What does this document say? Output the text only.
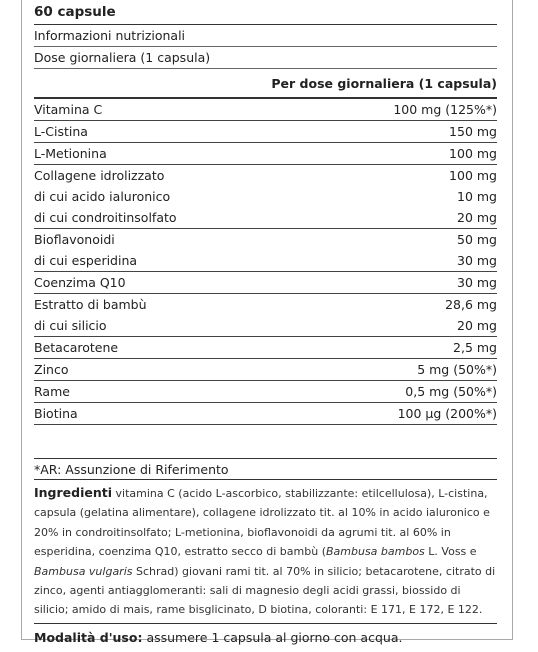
60 capsule
Informazioni nutrizionali
Dose giornaliera (1 capsula)
Per dose giornaliera (1 capsula)
Vitamina C	100 mg (125%*)
L-Cistina	150 mg
L-Metionina	100 mg
Collagene idrolizzato	100 mg
di cui acido ialuronico	10 mg
di cui condroitinsolfato	20 mg
Bioflavonoidi	50 mg
di cui esperidina	30 mg
Coenzima Q10	30 mg
Estratto di bambù	28,6 mg
di cui silicio	20 mg
Betacarotene	2,5 mg
Zinco	5 mg (50%*)
Rame	0,5 mg (50%*)
Biotina	100 µg (200%*)
*AR: Assunzione di Riferimento
Ingredienti vitamina C (acido L-ascorbico, stabilizzante: etilcellulosa), L-cistina, capsula (gelatina alimentare), collagene idrolizzato tit. al 10% in acido ialuronico e 20% in condroitinsolfato; L-metionina, bioflavonoidi da agrumi tit. al 60% in esperidina, coenzima Q10, estratto secco di bambù (Bambusa bambos L. Voss e Bambusa vulgaris Schrad) giovani rami tit. al 70% in silicio; betacarotene, citrato di zinco, agenti antiagglomeranti: sali di magnesio degli acidi grassi, biossido di silicio; amido di mais, rame bisglicinato, D biotina, coloranti: E 171, E 172, E 122.
Modalità d'uso: assumere 1 capsula al giorno con acqua.
